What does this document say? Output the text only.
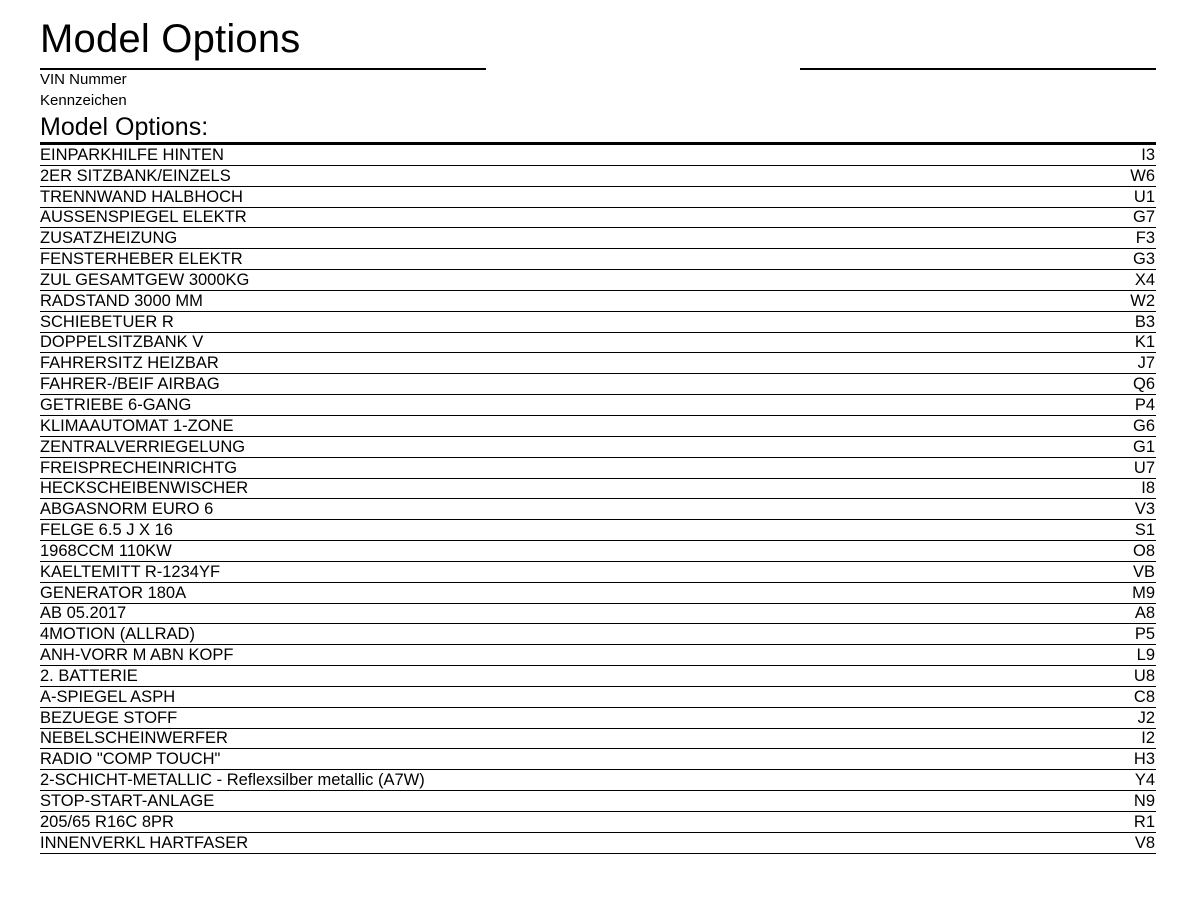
Model Options
VIN Nummer
Kennzeichen
Model Options:
EINPARKHILFE HINTEN	I3
2ER SITZBANK/EINZELS	W6
TRENNWAND HALBHOCH	U1
AUSSENSPIEGEL ELEKTR	G7
ZUSATZHEIZUNG	F3
FENSTERHEBER ELEKTR	G3
ZUL GESAMTGEW 3000KG	X4
RADSTAND 3000 MM	W2
SCHIEBETUER R	B3
DOPPELSITZBANK V	K1
FAHRERSITZ HEIZBAR	J7
FAHRER-/BEIF AIRBAG	Q6
GETRIEBE 6-GANG	P4
KLIMAAUTOMAT 1-ZONE	G6
ZENTRALVERRIEGELUNG	G1
FREISPRECHEINRICHTG	U7
HECKSCHEIBENWISCHER	I8
ABGASNORM EURO 6	V3
FELGE 6.5 J X 16	S1
1968CCM 110KW	O8
KAELTEMITT R-1234YF	VB
GENERATOR 180A	M9
AB 05.2017	A8
4MOTION (ALLRAD)	P5
ANH-VORR M ABN KOPF	L9
2. BATTERIE	U8
A-SPIEGEL ASPH	C8
BEZUEGE STOFF	J2
NEBELSCHEINWERFER	I2
RADIO "COMP TOUCH"	H3
2-SCHICHT-METALLIC - Reflexsilber metallic (A7W)	Y4
STOP-START-ANLAGE	N9
205/65 R16C 8PR	R1
INNENVERKL HARTFASER	V8
